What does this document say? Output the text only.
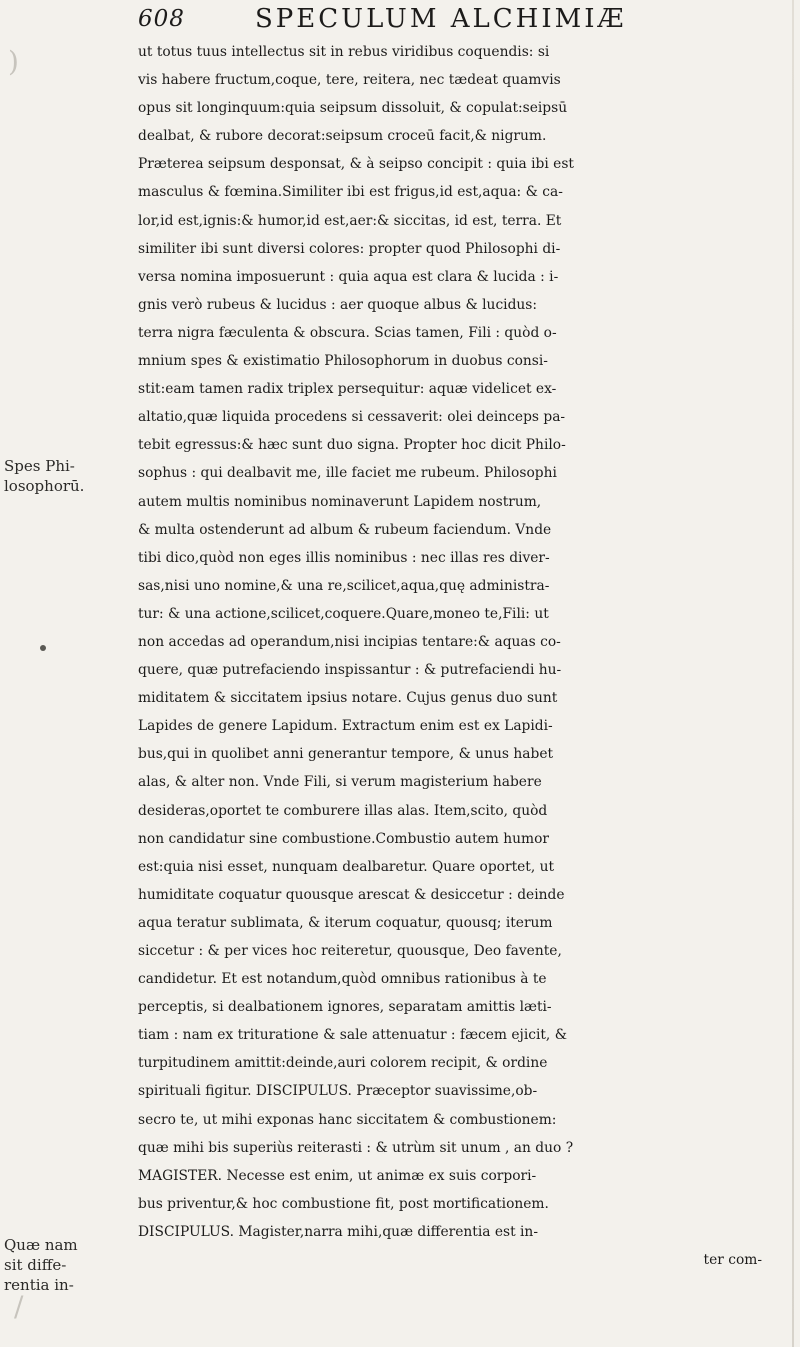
608	SPECULUM ALCHIMIÆ
)
Spes Phi-
losophorū.
Quæ nam
sit diffe-
rentia in-
ut totus tuus intellectus sit in rebus viridibus coquendis: si
vis habere fructum,coque, tere, reitera, nec tædeat quamvis
opus sit longinquum:quia seipsum dissoluit, & copulat:seipsū
dealbat, & rubore decorat:seipsum croceū facit,& nigrum.
Præterea seipsum desponsat, & à seipso concipit : quia ibi est
masculus & fœmina.Similiter ibi est frigus,id est,aqua: & ca-
lor,id est,ignis:& humor,id est,aer:& siccitas, id est, terra. Et
similiter ibi sunt diversi colores: propter quod Philosophi di-
versa nomina imposuerunt : quia aqua est clara & lucida : i-
gnis verò rubeus & lucidus : aer quoque albus & lucidus:
terra nigra fæculenta & obscura. Scias tamen, Fili : quòd o-
mnium spes & existimatio Philosophorum in duobus consi-
stit:eam tamen radix triplex persequitur: aquæ videlicet ex-
altatio,quæ liquida procedens si cessaverit: olei deinceps pa-
tebit egressus:& hæc sunt duo signa. Propter hoc dicit Philo-
sophus : qui dealbavit me, ille faciet me rubeum. Philosophi
autem multis nominibus nominaverunt Lapidem nostrum,
& multa ostenderunt ad album & rubeum faciendum. Vnde
tibi dico,quòd non eges illis nominibus : nec illas res diver-
sas,nisi uno nomine,& una re,scilicet,aqua,quę administra-
tur: & una actione,scilicet,coquere.Quare,moneo te,Fili: ut
non accedas ad operandum,nisi incipias tentare:& aquas co-
quere, quæ putrefaciendo inspissantur : & putrefaciendi hu-
miditatem & siccitatem ipsius notare. Cujus genus duo sunt
Lapides de genere Lapidum. Extractum enim est ex Lapidi-
bus,qui in quolibet anni generantur tempore, & unus habet
alas, & alter non. Vnde Fili, si verum magisterium habere
desideras,oportet te comburere illas alas. Item,scito, quòd
non candidatur sine combustione.Combustio autem humor
est:quia nisi esset, nunquam dealbaretur. Quare oportet, ut
humiditate coquatur quousque arescat & desiccetur : deinde
aqua teratur sublimata, & iterum coquatur, quousq; iterum
siccetur : & per vices hoc reiteretur, quousque, Deo favente,
candidetur. Et est notandum,quòd omnibus rationibus à te
perceptis, si dealbationem ignores, separatam amittis læti-
tiam : nam ex trituratione & sale attenuatur : fæcem ejicit, &
turpitudinem amittit:deinde,auri colorem recipit, & ordine
spirituali figitur. DISCIPULUS. Præceptor suavissime,ob-
secro te, ut mihi exponas hanc siccitatem & combustionem:
quæ mihi bis superiùs reiterasti : & utrùm sit unum , an duo ?
MAGISTER. Necesse est enim, ut animæ ex suis corpori-
bus priventur,& hoc combustione fit, post mortificationem.
DISCIPULUS. Magister,narra mihi,quæ differentia est in-
ter com-
/
